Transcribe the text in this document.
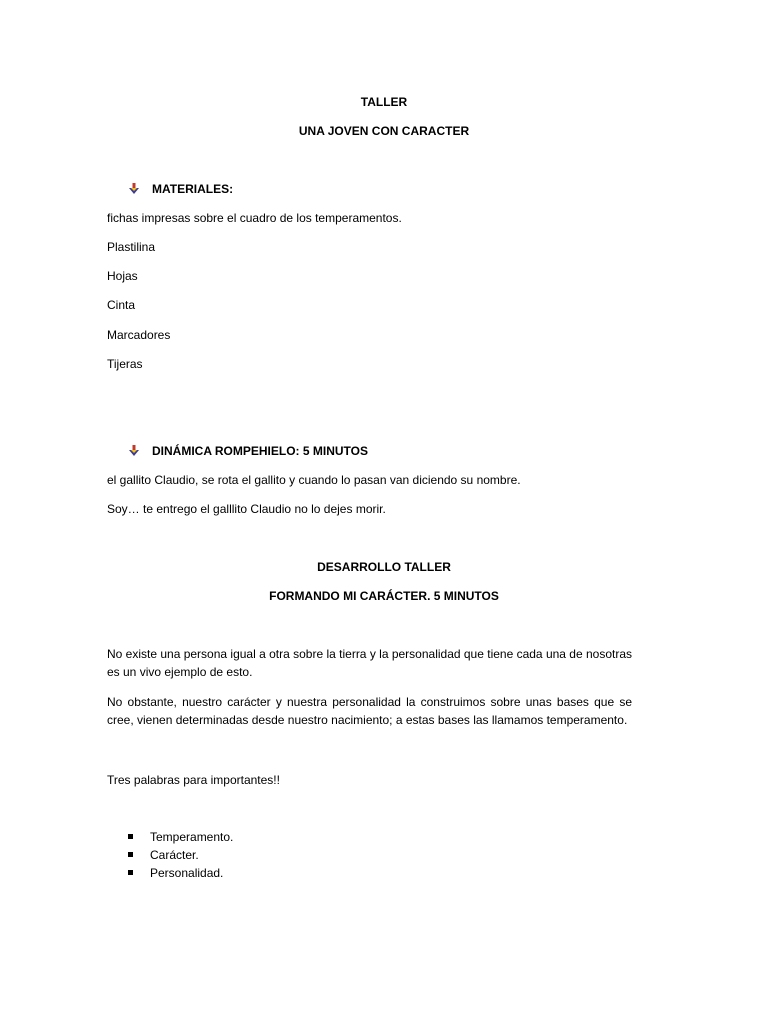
TALLER
UNA JOVEN CON CARACTER
MATERIALES:
fichas impresas sobre el cuadro de los temperamentos.
Plastilina
Hojas
Cinta
Marcadores
Tijeras
DINÁMICA ROMPEHIELO: 5 MINUTOS
el gallito Claudio, se rota el gallito y cuando lo pasan van diciendo su nombre.
Soy… te entrego el galllito Claudio no lo dejes morir.
DESARROLLO TALLER
FORMANDO MI CARÁCTER. 5 MINUTOS
No existe una persona igual a otra sobre la tierra y la personalidad que tiene cada una de nosotras
es un vivo ejemplo de esto.
No obstante, nuestro carácter y nuestra personalidad la construimos sobre unas bases que se
cree, vienen determinadas desde nuestro nacimiento; a estas bases las llamamos temperamento.
Tres palabras para importantes!!
Temperamento.
Carácter.
Personalidad.
